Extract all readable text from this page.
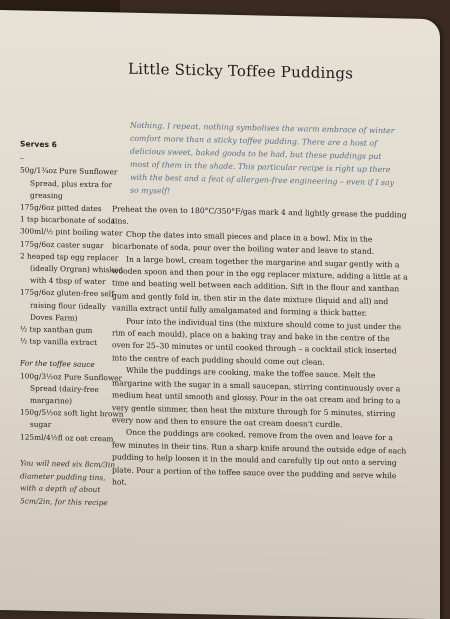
Little Sticky Toffee Puddings
Nothing, I repeat, nothing symbolises the warm embrace of winter comfort more than a sticky toffee pudding. There are a host of delicious sweet, baked goods to be had, but these puddings put most of them in the shade. This particular recipe is right up there with the best and a feat of allergen-free engineering – even if I say so myself!
Serves 6
–
50g/1¾oz Pure Sunflower Spread, plus extra for greasing
175g/6oz pitted dates
1 tsp bicarbonate of soda
300ml/½ pint boiling water
175g/6oz caster sugar
2 heaped tsp egg replacer (ideally Orgran) whisked with 4 tbsp of water
175g/6oz gluten-free self-raising flour (ideally Doves Farm)
½ tsp xanthan gum
½ tsp vanilla extract
For the toffee sauce
100g/3½oz Pure Sunflower Spread (dairy-free margarine)
150g/5½oz soft light brown sugar
125ml/4½fl oz oat cream
You will need six 8cm/3in diameter pudding tins, with a depth of about 5cm/2in, for this recipe

Preheat the oven to 180°C/350°F/gas mark 4 and lightly grease the pudding tins.

Chop the dates into small pieces and place in a bowl. Mix in the bicarbonate of soda, pour over the boiling water and leave to stand.

In a large bowl, cream together the margarine and sugar gently with a wooden spoon and then pour in the egg replacer mixture, adding a little at a time and beating well between each addition. Sift in the flour and xanthan gum and gently fold in, then stir in the date mixture (liquid and all) and vanilla extract until fully amalgamated and forming a thick batter.

Pour into the individual tins (the mixture should come to just under the rim of each mould), place on a baking tray and bake in the centre of the oven for 25–30 minutes or until cooked through – a cocktail stick inserted into the centre of each pudding should come out clean.

While the puddings are cooking, make the toffee sauce. Melt the margarine with the sugar in a small saucepan, stirring continuously over a medium heat until smooth and glossy. Pour in the oat cream and bring to a very gentle simmer, then heat the mixture through for 5 minutes, stirring every now and then to ensure the oat cream doesn't curdle.

Once the puddings are cooked, remove from the oven and leave for a few minutes in their tins. Run a sharp knife around the outside edge of each pudding to help loosen it in the mould and carefully tip out onto a serving plate. Pour a portion of the toffee sauce over the pudding and serve while hot.
